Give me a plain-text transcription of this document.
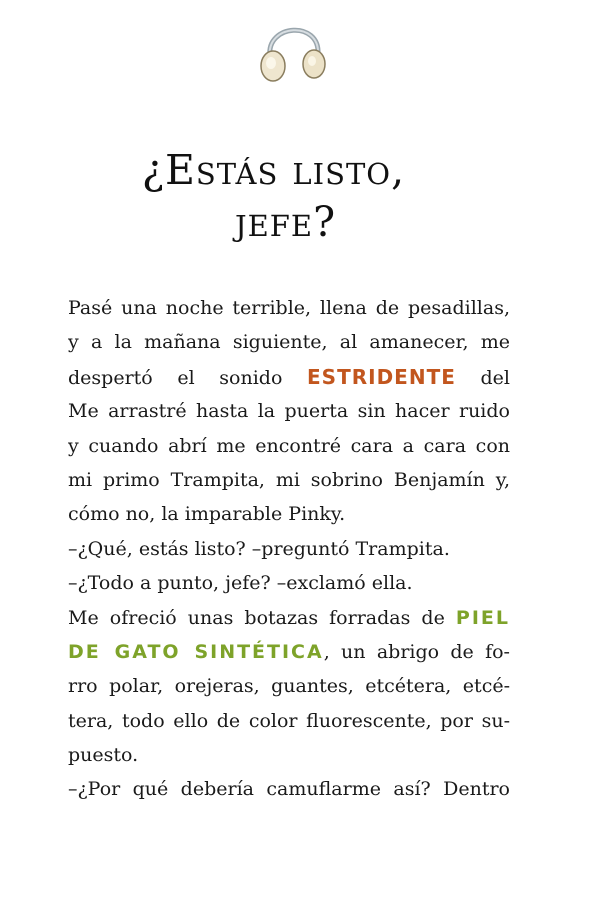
¿Estás listo,
jefe?
Pasé una noche terrible, llena de pesadillas,
y a la mañana siguiente, al amanecer, me
despertó el sonido ESTRIDENTE del
Me arrastré hasta la puerta sin hacer ruido
y cuando abrí me encontré cara a cara con
mi primo Trampita, mi sobrino Benjamín y,
cómo no, la imparable Pinky.
–¿Qué, estás listo? –preguntó Trampita.
–¿Todo a punto, jefe? –exclamó ella.
Me ofreció unas botazas forradas de PIEL
DE GATO SINTÉTICA, un abrigo de fo-
rro polar, orejeras, guantes, etcétera, etcé-
tera, todo ello de color fluorescente, por su-
puesto.
–¿Por qué debería camuflarme así? Dentro
